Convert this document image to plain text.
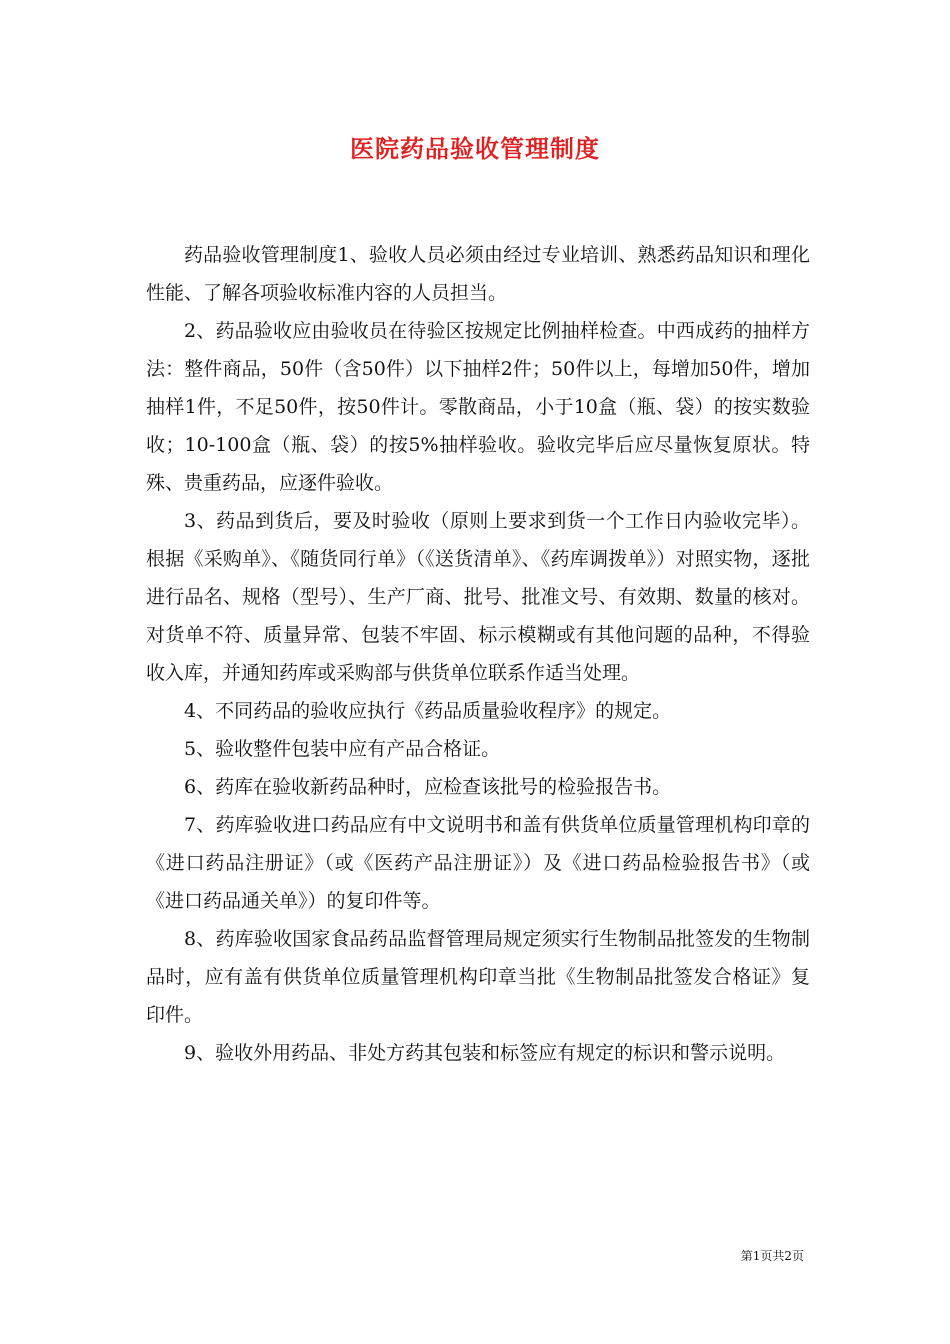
医院药品验收管理制度

药品验收管理制度1、验收人员必须由经过专业培训、熟悉药品知识和理化性能、了解各项验收标准内容的人员担当。

2、药品验收应由验收员在待验区按规定比例抽样检查。中西成药的抽样方法：整件商品，50件（含50件）以下抽样2件；50件以上，每增加50件，增加抽样1件，不足50件，按50件计。零散商品，小于10盒（瓶、袋）的按实数验收；10-100盒（瓶、袋）的按5%抽样验收。验收完毕后应尽量恢复原状。特殊、贵重药品，应逐件验收。

3、药品到货后，要及时验收（原则上要求到货一个工作日内验收完毕）。根据《采购单》、《随货同行单》（《送货清单》、《药库调拨单》）对照实物，逐批进行品名、规格（型号）、生产厂商、批号、批准文号、有效期、数量的核对。对货单不符、质量异常、包装不牢固、标示模糊或有其他问题的品种，不得验收入库，并通知药库或采购部与供货单位联系作适当处理。

4、不同药品的验收应执行《药品质量验收程序》的规定。

5、验收整件包装中应有产品合格证。

6、药库在验收新药品种时，应检查该批号的检验报告书。

7、药库验收进口药品应有中文说明书和盖有供货单位质量管理机构印章的《进口药品注册证》（或《医药产品注册证》）及《进口药品检验报告书》（或《进口药品通关单》）的复印件等。

8、药库验收国家食品药品监督管理局规定须实行生物制品批签发的生物制品时，应有盖有供货单位质量管理机构印章当批《生物制品批签发合格证》复印件。

9、验收外用药品、非处方药其包装和标签应有规定的标识和警示说明。

第1页共2页
